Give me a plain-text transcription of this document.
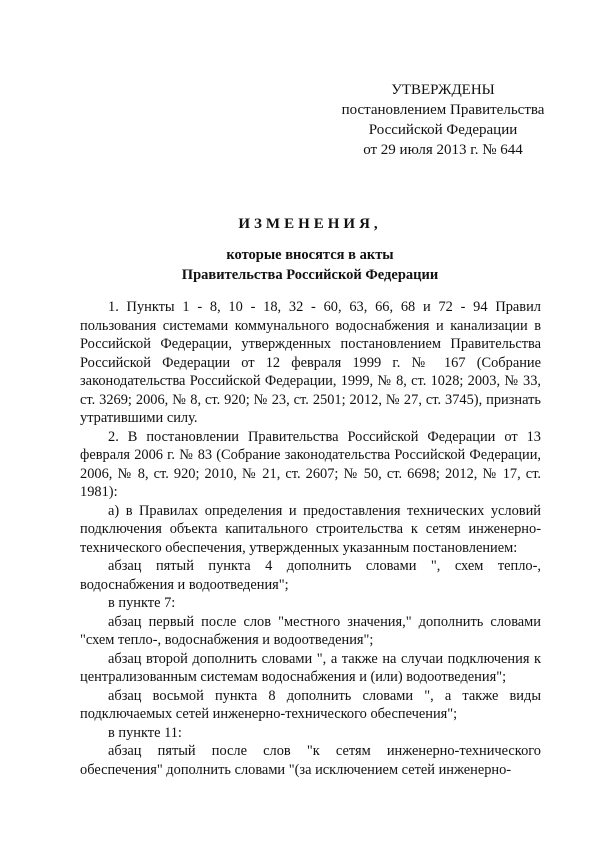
УТВЕРЖДЕНЫ
постановлением Правительства
Российской Федерации
от 29 июля 2013 г. № 644
ИЗМЕНЕНИЯ,
которые вносятся в акты
Правительства Российской Федерации

1. Пункты 1 - 8, 10 - 18, 32 - 60, 63, 66, 68 и 72 - 94 Правил пользования системами коммунального водоснабжения и канализации в Российской Федерации, утвержденных постановлением Правительства Российской Федерации от 12 февраля 1999 г. № 167 (Собрание законодательства Российской Федерации, 1999, № 8, ст. 1028; 2003, № 33, ст. 3269; 2006, № 8, ст. 920; № 23, ст. 2501; 2012, № 27, ст. 3745), признать утратившими силу.

2. В постановлении Правительства Российской Федерации от 13 февраля 2006 г. № 83 (Собрание законодательства Российской Федерации, 2006, № 8, ст. 920; 2010, № 21, ст. 2607; № 50, ст. 6698; 2012, № 17, ст. 1981):

а) в Правилах определения и предоставления технических условий подключения объекта капитального строительства к сетям инженерно-технического обеспечения, утвержденных указанным постановлением:

абзац пятый пункта 4 дополнить словами ", схем тепло-, водоснабжения и водоотведения";

в пункте 7:

абзац первый после слов "местного значения," дополнить словами "схем тепло-, водоснабжения и водоотведения";

абзац второй дополнить словами ", а также на случаи подключения к централизованным системам водоснабжения и (или) водоотведения";

абзац восьмой пункта 8 дополнить словами ", а также виды подключаемых сетей инженерно-технического обеспечения";

в пункте 11:

абзац пятый после слов "к сетям инженерно-технического обеспечения" дополнить словами "(за исключением сетей инженерно-
